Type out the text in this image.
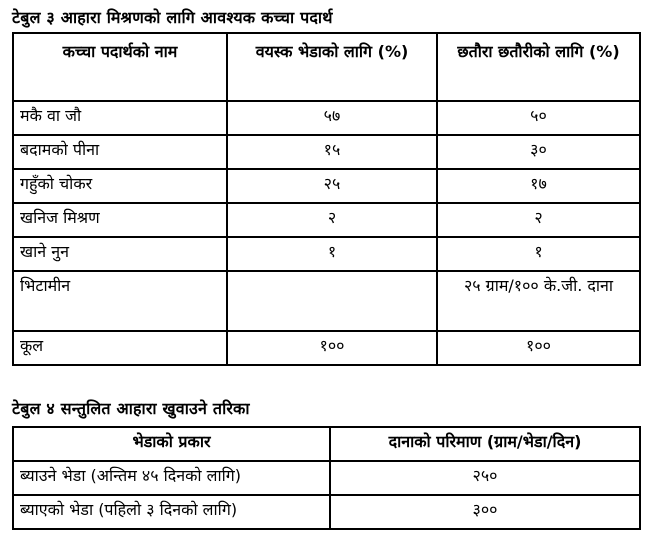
टेबुल ३ आहारा मिश्रणको लागि आवश्यक कच्चा पदार्थ
कच्चा पदार्थको नाम	वयस्क भेडाको लागि (%)	छतौरा छतौरीको लागि (%)
मकै वा जौ	५७	५०
बदामको पीना	१५	३०
गहुँको चोकर	२५	१७
खनिज मिश्रण	२	२
खाने नुन	१	१
भिटामीन		२५ ग्राम/१०० के.जी. दाना
कूल	१००	१००
टेबुल ४ सन्तुलित आहारा खुवाउने तरिका
भेडाको प्रकार	दानाको परिमाण (ग्राम/भेडा/दिन)
ब्याउने भेडा (अन्तिम ४५ दिनको लागि)	२५०
ब्याएको भेडा (पहिलो ३ दिनको लागि)	३००
